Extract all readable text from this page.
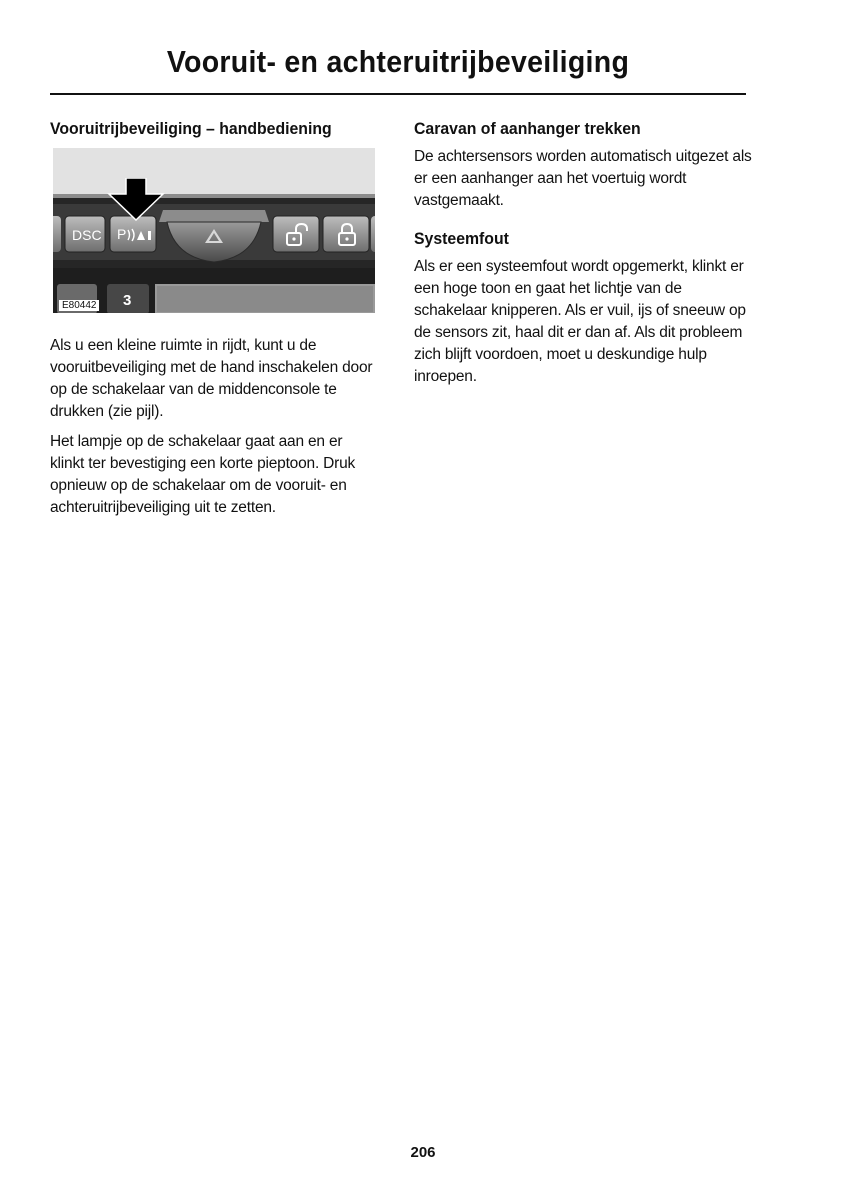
Vooruit- en achteruitrijbeveiliging
Vooruitrijbeveiliging – handbediening
DSC P
3
E80442

Als u een kleine ruimte in rijdt, kunt u de vooruitbeveiliging met de hand inschakelen door op de schakelaar van de middenconsole te drukken (zie pijl).

Het lampje op de schakelaar gaat aan en er klinkt ter bevestiging een korte pieptoon. Druk opnieuw op de schakelaar om de vooruit- en achteruitrijbeveiliging uit te zetten.

Caravan of aanhanger trekken

De achtersensors worden automatisch uitgezet als er een aanhanger aan het voertuig wordt vastgemaakt.

Systeemfout

Als er een systeemfout wordt opgemerkt, klinkt er een hoge toon en gaat het lichtje van de schakelaar knipperen. Als er vuil, ijs of sneeuw op de sensors zit, haal dit er dan af. Als dit probleem zich blijft voordoen, moet u deskundige hulp inroepen.

206
